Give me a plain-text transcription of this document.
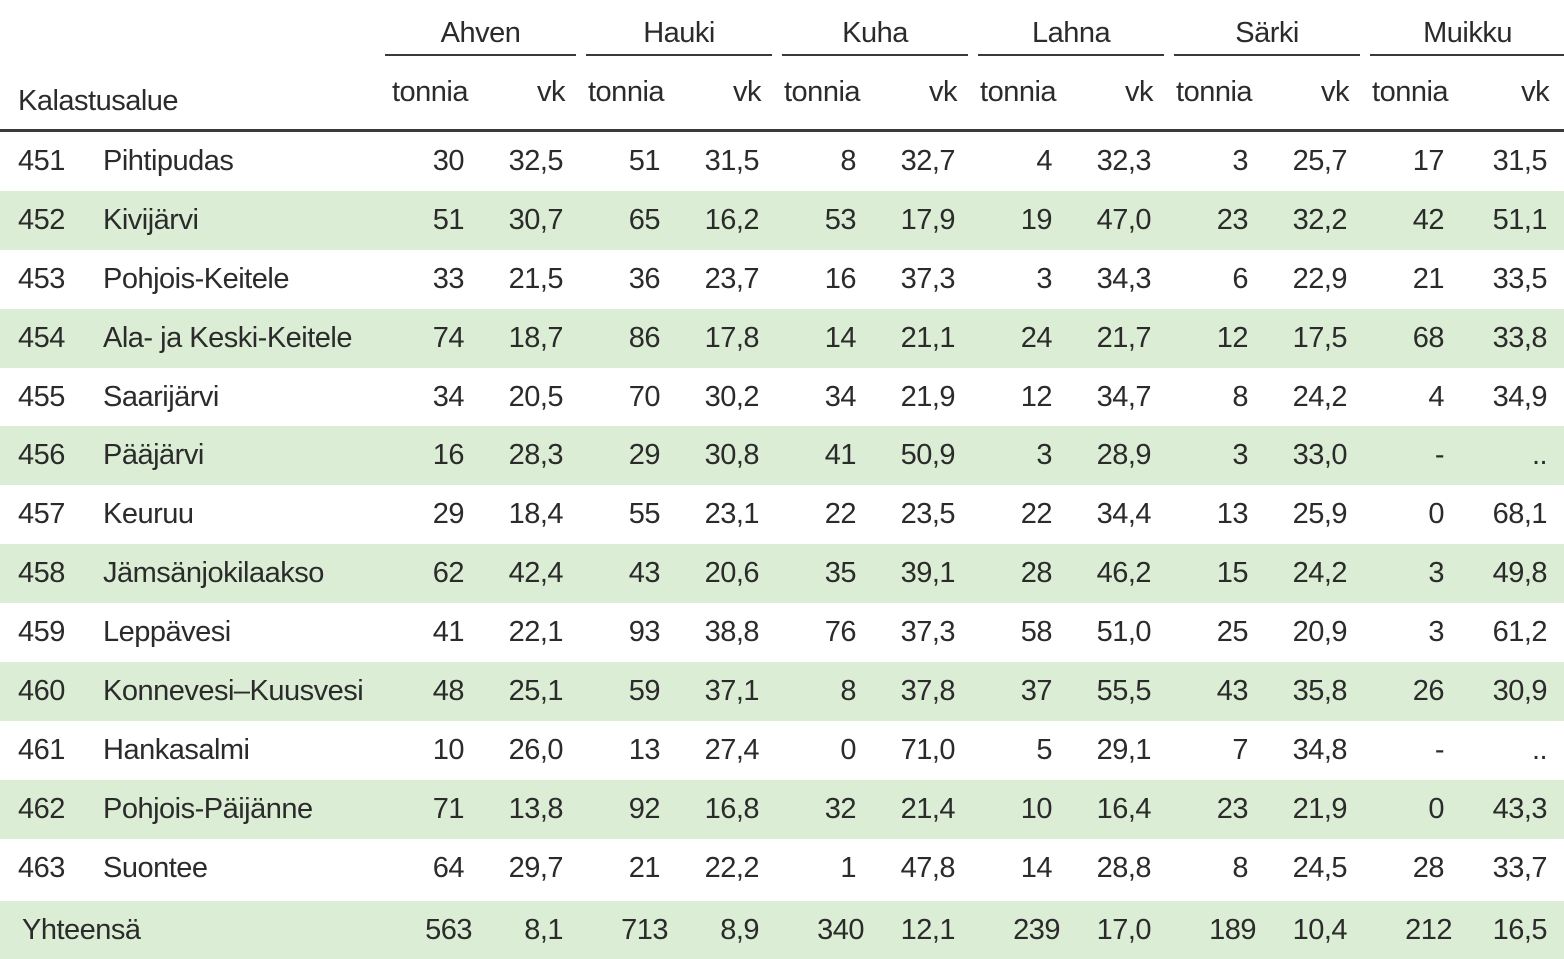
		Ahven		Hauki		Kuha		Lahna		Särki		Muikku	
Kalastusalue		tonnia	vk	tonnia	vk	tonnia	vk	tonnia	vk	tonnia	vk	tonnia	vk
451	Pihtipudas	30	32,5	51	31,5	8	32,7	4	32,3	3	25,7	17	31,5
452	Kivijärvi	51	30,7	65	16,2	53	17,9	19	47,0	23	32,2	42	51,1
453	Pohjois-Keitele	33	21,5	36	23,7	16	37,3	3	34,3	6	22,9	21	33,5
454	Ala- ja Keski-Keitele	74	18,7	86	17,8	14	21,1	24	21,7	12	17,5	68	33,8
455	Saarijärvi	34	20,5	70	30,2	34	21,9	12	34,7	8	24,2	4	34,9
456	Pääjärvi	16	28,3	29	30,8	41	50,9	3	28,9	3	33,0	-	..
457	Keuruu	29	18,4	55	23,1	22	23,5	22	34,4	13	25,9	0	68,1
458	Jämsänjokilaakso	62	42,4	43	20,6	35	39,1	28	46,2	15	24,2	3	49,8
459	Leppävesi	41	22,1	93	38,8	76	37,3	58	51,0	25	20,9	3	61,2
460	Konnevesi–Kuusvesi	48	25,1	59	37,1	8	37,8	37	55,5	43	35,8	26	30,9
461	Hankasalmi	10	26,0	13	27,4	0	71,0	5	29,1	7	34,8	-	..
462	Pohjois-Päijänne	71	13,8	92	16,8	32	21,4	10	16,4	23	21,9	0	43,3
463	Suontee	64	29,7	21	22,2	1	47,8	14	28,8	8	24,5	28	33,7

Yhteensä		563	8,1	713	8,9	340	12,1	239	17,0	189	10,4	212	16,5
